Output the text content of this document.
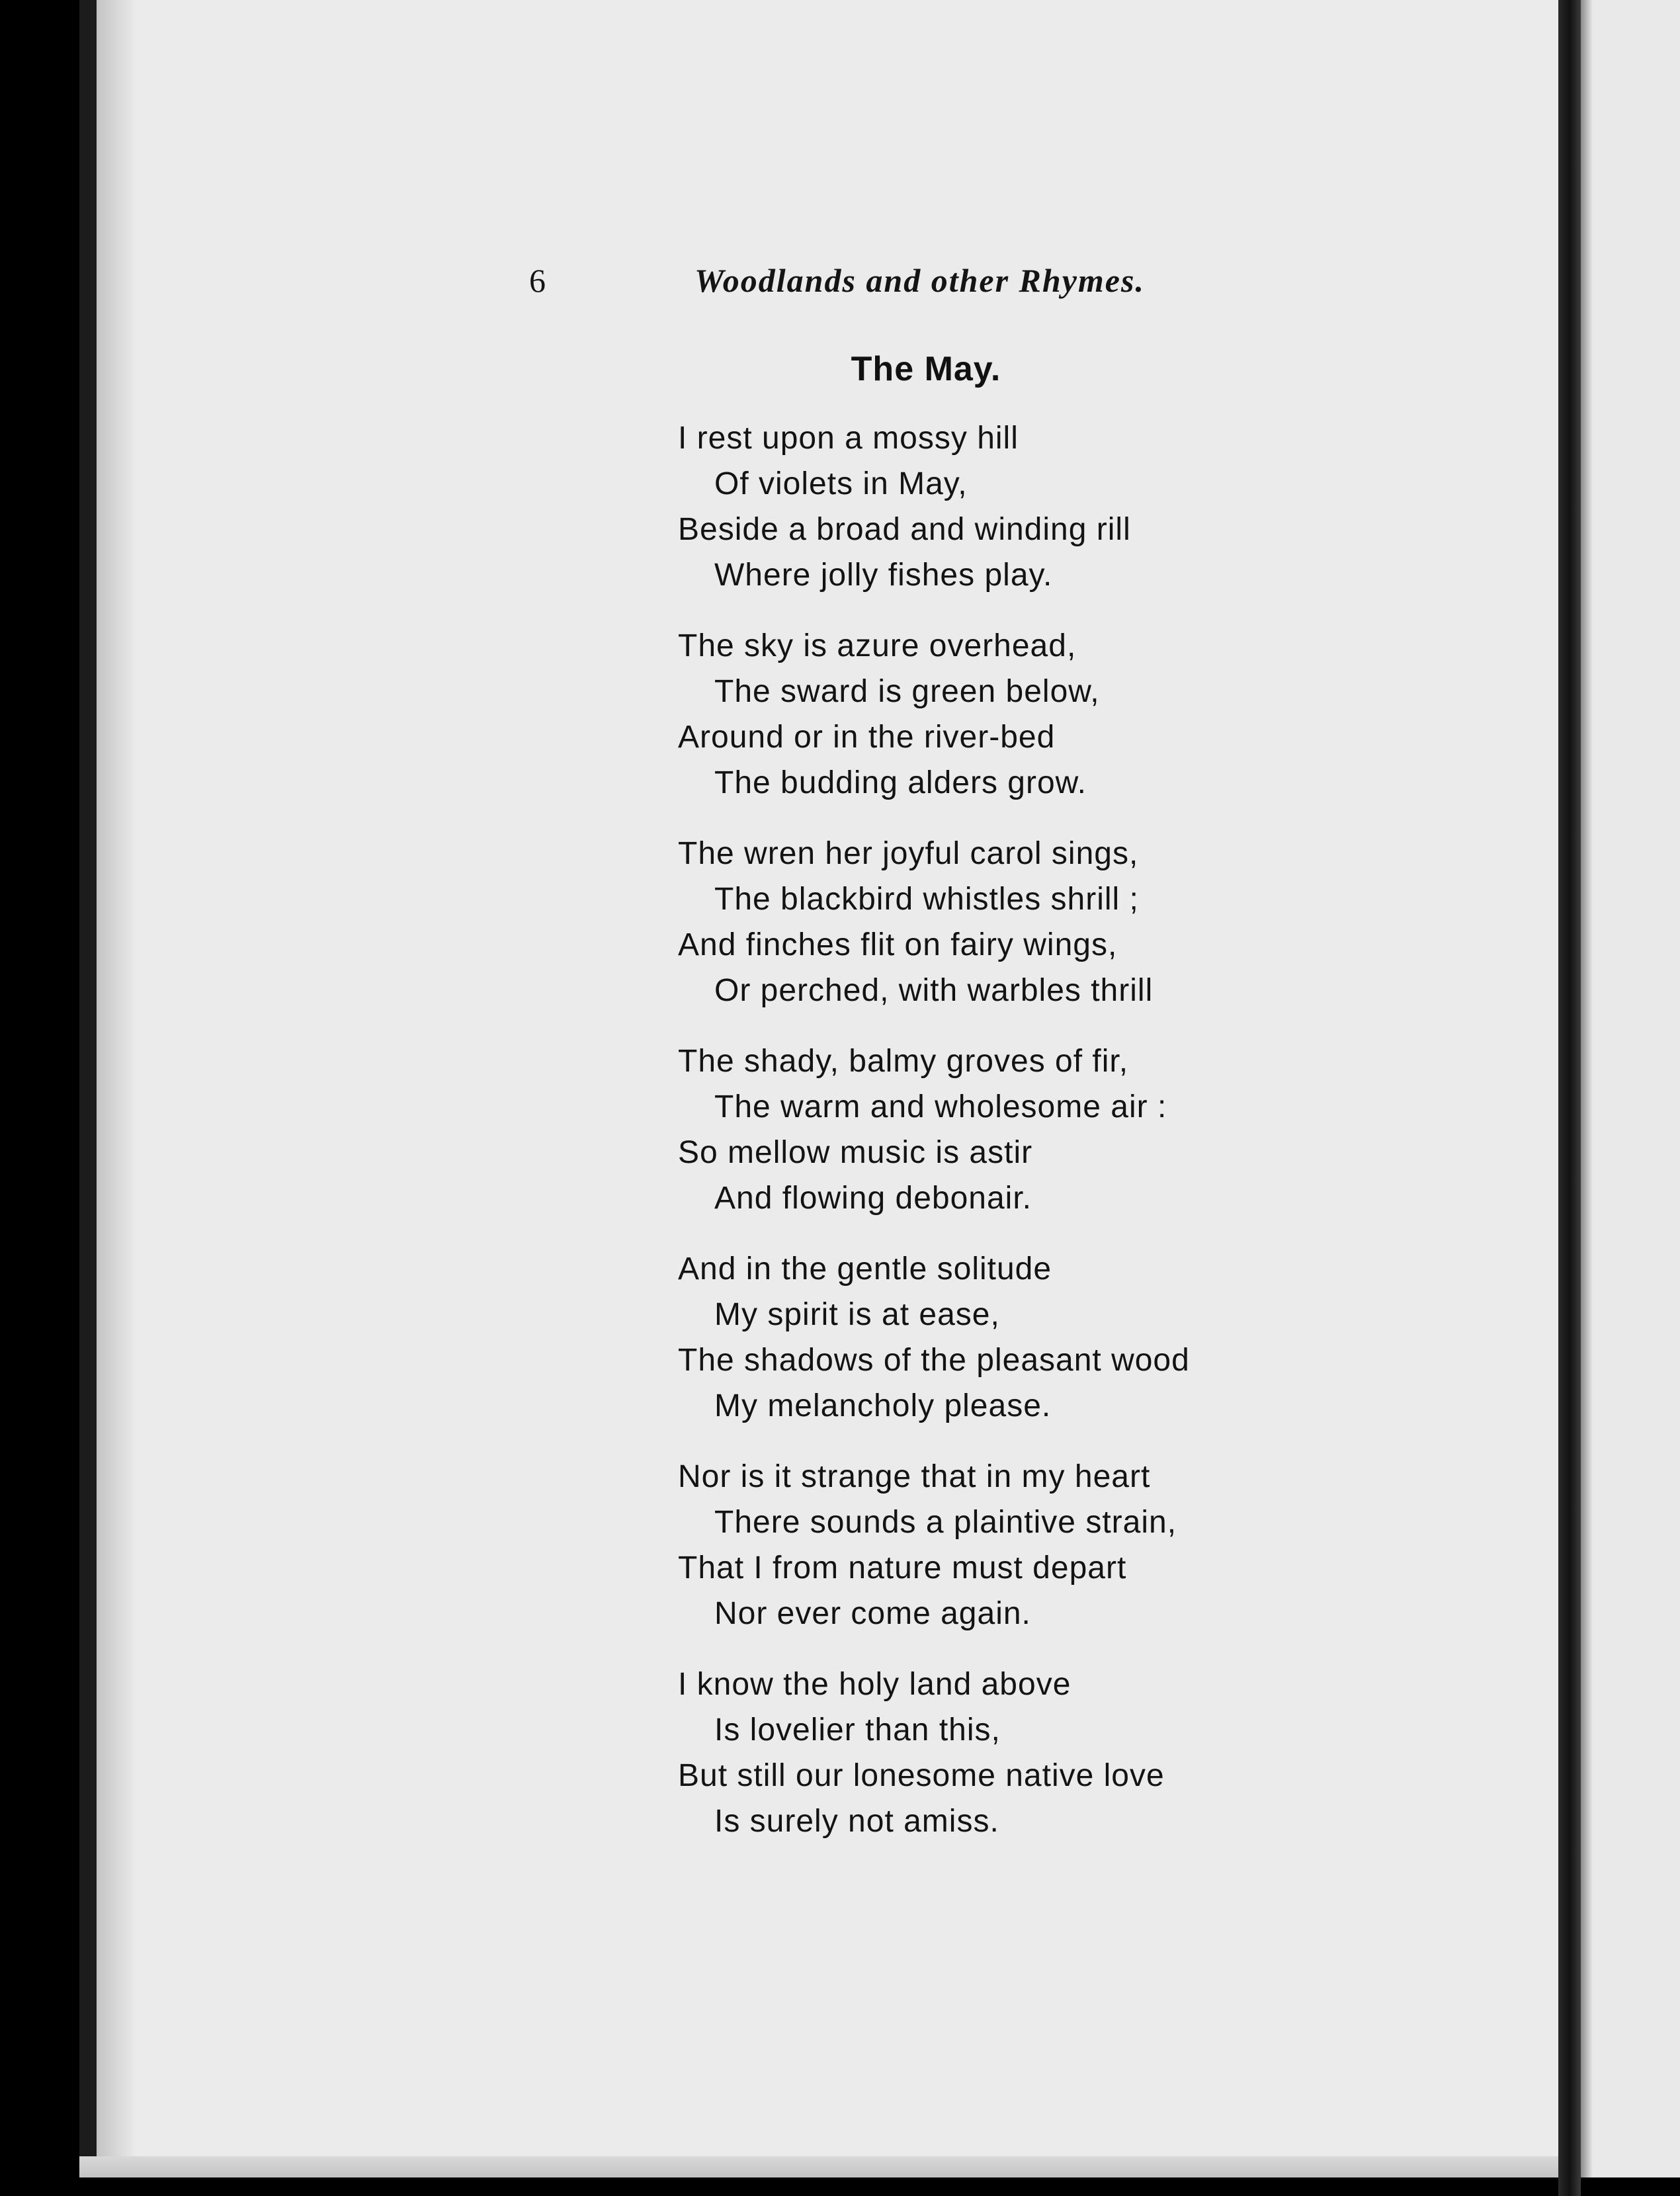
6	Woodlands and other Rhymes.
The May.
I rest upon a mossy hill
Of violets in May,
Beside a broad and winding rill
Where jolly fishes play.
The sky is azure overhead,
The sward is green below,
Around or in the river-bed
The budding alders grow.
The wren her joyful carol sings,
The blackbird whistles shrill ;
And finches flit on fairy wings,
Or perched, with warbles thrill
The shady, balmy groves of fir,
The warm and wholesome air :
So mellow music is astir
And flowing debonair.
And in the gentle solitude
My spirit is at ease,
The shadows of the pleasant wood
My melancholy please.
Nor is it strange that in my heart
There sounds a plaintive strain,
That I from nature must depart
Nor ever come again.
I know the holy land above
Is lovelier than this,
But still our lonesome native love
Is surely not amiss.
